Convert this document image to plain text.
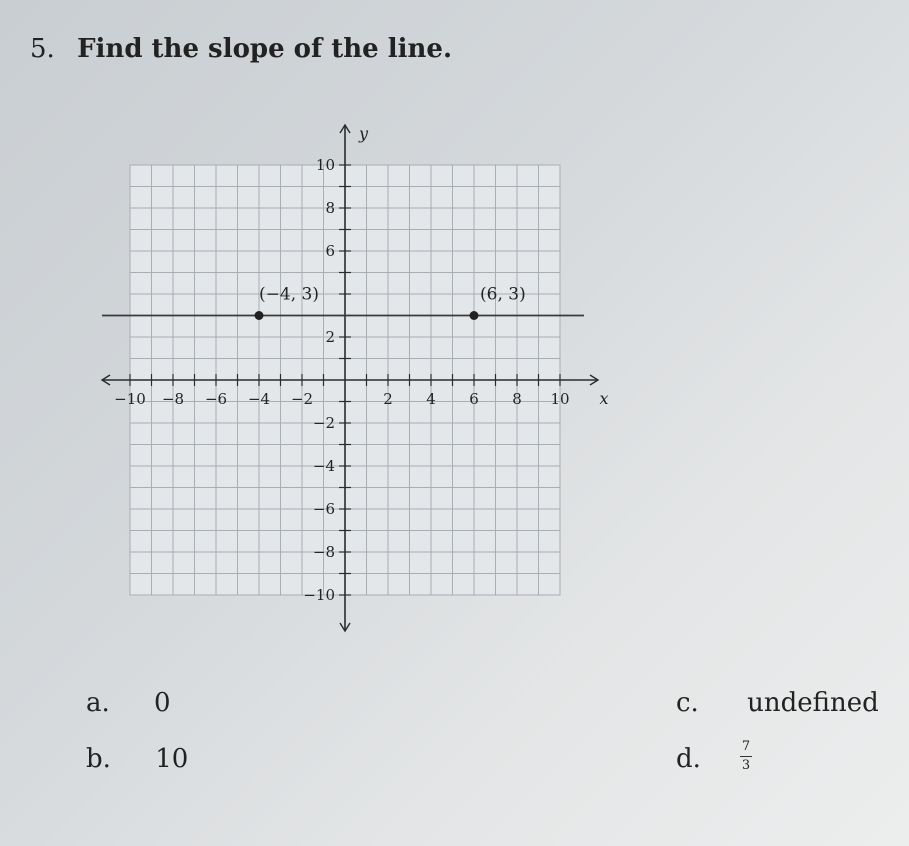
5. Find the slope of the line.
−10 −8 −6 −4 −2	2 4 6 8 10
10
8
6
2
−2
−4
−6
−8
−10
x
y
(−4, 3)	(6, 3)
a. 0
b. 10
c. undefined
d.	7
3
